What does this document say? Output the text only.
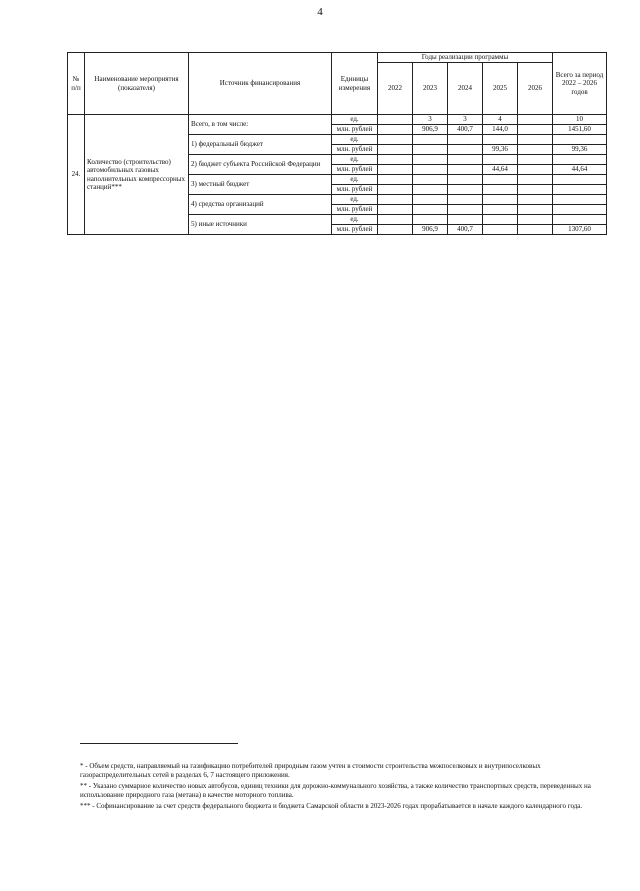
4
№ п/п	Наименование мероприятия (показателя)	Источник финансирования	Единицы измерения	Годы реализации программы					Всего за период 2022 – 2026 годов
				2022	2023	2024	2025	2026	
24.	Количество (строительство) автомобильных газовых наполнительных компрессорных станций***	Всего, в том числе:	ед.		3	3	4		10
			млн. рублей		906,9	400,7	144,0		1451,60
		1) федеральный бюджет	ед.						
			млн. рублей				99,36		99,36
		2) бюджет субъекта Российской Федерации	ед.						
			млн. рублей				44,64		44,64
		3) местный бюджет	ед.						
			млн. рублей						
		4) средства организаций	ед.						
			млн. рублей						
		5) иные источники	ед.						
			млн. рублей		906,9	400,7			1307,60

* - Объем средств, направляемый на газификацию потребителей природным газом учтен в стоимости строительства межпоселковых и внутрипоселковых газораспределительных сетей в разделах 6, 7 настоящего приложения.

** - Указано суммарное количество новых автобусов, единиц техники для дорожно-коммунального хозяйства, а также количество транспортных средств, переведенных на использование природного газа (метана) в качестве моторного топлива.

*** - Софинансирование за счет средств федерального бюджета и бюджета Самарской области в 2023-2026 годах прорабатывается в начале каждого календарного года.
